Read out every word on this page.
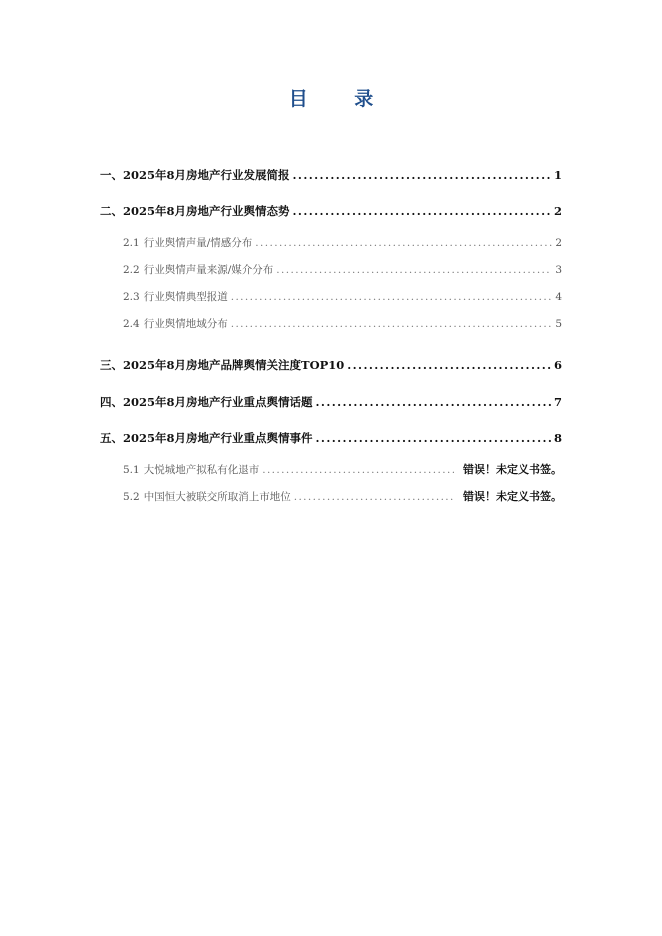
目 录
一、 2025年8月房地产行业发展简报 .....	1
二、 2025年8月房地产行业舆情态势 .....	2
2.1 行业舆情声量/情感分布 .....	2
2.2 行业舆情声量来源/媒介分布 .....	3
2.3 行业舆情典型报道 .....	4
2.4 行业舆情地域分布 .....	5
三、 2025年8月房地产品牌舆情关注度TOP10 .....	6
四、 2025年8月房地产行业重点舆情话题 .....	7
五、 2025年8月房地产行业重点舆情事件 .....	8
5.1 大悦城地产拟私有化退市 .....	错误！未定义书签。
5.2 中国恒大被联交所取消上市地位 .....	错误！未定义书签。
